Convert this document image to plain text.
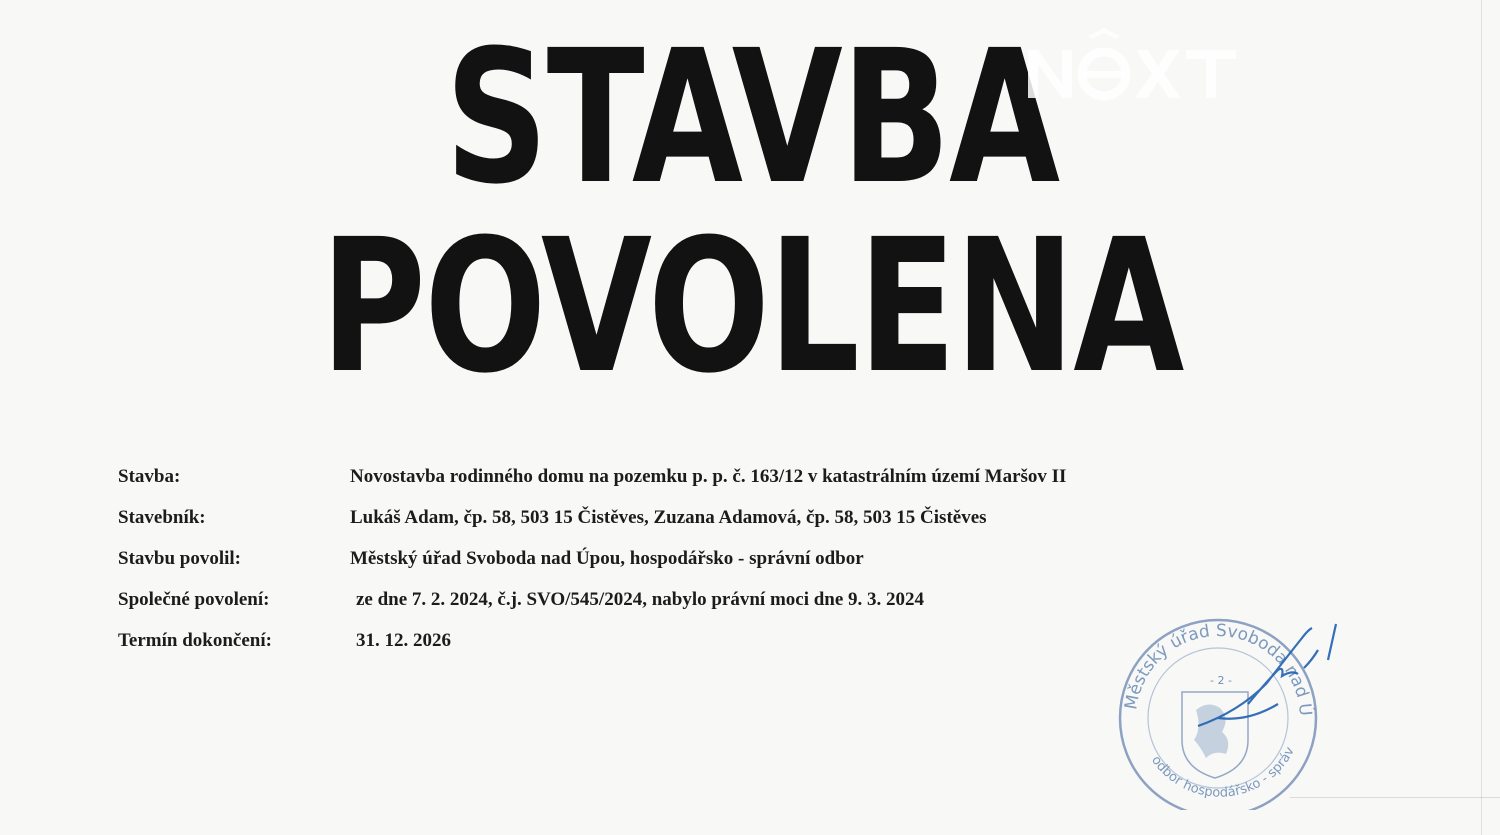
STAVBA
POVOLENA
Stavba:	Novostavba rodinného domu na pozemku p. p. č. 163/12 v katastrálním území Maršov II
Stavebník:	Lukáš Adam, čp. 58, 503 15 Čistěves, Zuzana Adamová, čp. 58, 503 15 Čistěves
Stavbu povolil:	Městský úřad Svoboda nad Úpou, hospodářsko - správní odbor
Společné povolení:	ze dne 7. 2. 2024, č.j. SVO/545/2024, nabylo právní moci dne 9. 3. 2024
Termín dokončení:	31. 12. 2026
Městský úřad Svoboda nad Ú
odbor hospodářsko - správ
- 2 -
